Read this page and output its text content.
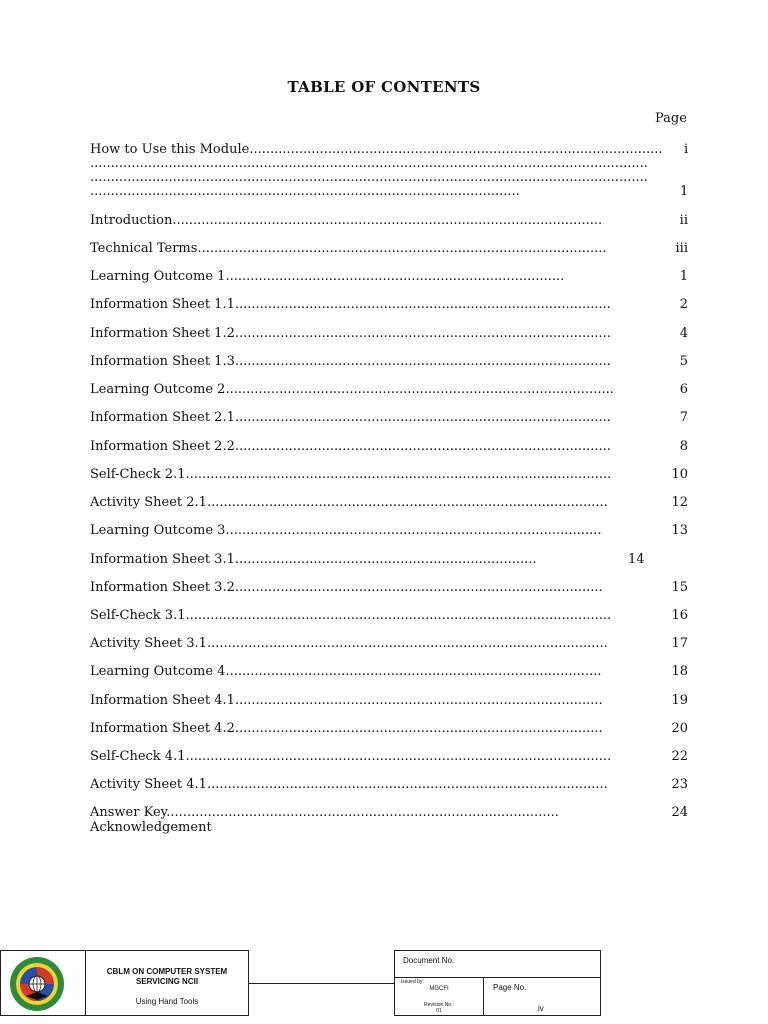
TABLE OF CONTENTS
Page
How to Use this Module....................................................................................................	i
.......................................................................................................................................
.......................................................................................................................................
........................................................................................................	1
Introduction........................................................................................................	ii
Technical Terms...................................................................................................	iii
Learning Outcome 1..................................................................................	1
Information Sheet 1.1...........................................................................................	2
Information Sheet 1.2...........................................................................................	4
Information Sheet 1.3...........................................................................................	5
Learning Outcome 2..............................................................................................	6
Information Sheet 2.1...........................................................................................	7
Information Sheet 2.2...........................................................................................	8
Self-Check 2.1.......................................................................................................	10
Activity Sheet 2.1.................................................................................................	12
Learning Outcome 3...........................................................................................	13
Information Sheet 3.1.........................................................................	14
Information Sheet 3.2.........................................................................................	15
Self-Check 3.1.......................................................................................................	16
Activity Sheet 3.1.................................................................................................	17
Learning Outcome 4...........................................................................................	18
Information Sheet 4.1.........................................................................................	19
Information Sheet 4.2.........................................................................................	20
Self-Check 4.1.......................................................................................................	22
Activity Sheet 4.1.................................................................................................	23
Answer Key...............................................................................................	24
Acknowledgement
CBLM ON COMPUTER SYSTEM SERVICING NCII
Using Hand Tools
Document No.
Issued by:
MGCFI
Revision No.:
01
Page No.
iv
